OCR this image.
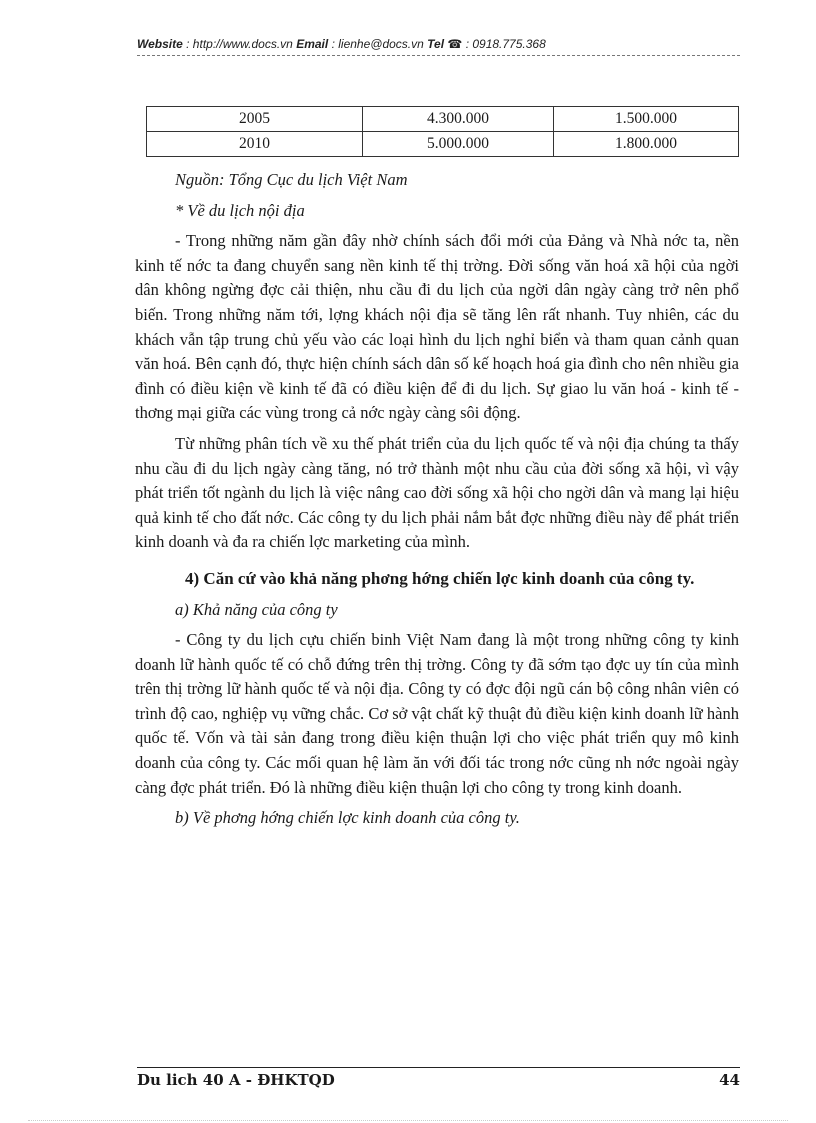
Website : http://www.docs.vn Email : lienhe@docs.vn Tel ☎ : 0918.775.368
2005	4.300.000	1.500.000
2010	5.000.000	1.800.000

Nguồn: Tổng Cục du lịch Việt Nam

* Về du lịch nội địa

- Trong những năm gần đây nhờ chính sách đổi mới của Đảng và Nhà nớc ta, nền kinh tế nớc ta đang chuyển sang nền kinh tế thị trờng. Đời sống văn hoá xã hội của ngời dân không ngừng đợc cải thiện, nhu cầu đi du lịch của ngời dân ngày càng trở nên phổ biến. Trong những năm tới, lợng khách nội địa sẽ tăng lên rất nhanh. Tuy nhiên, các du khách vẫn tập trung chủ yếu vào các loại hình du lịch nghỉ biển và tham quan cảnh quan văn hoá. Bên cạnh đó, thực hiện chính sách dân số kế hoạch hoá gia đình cho nên nhiều gia đình có điều kiện về kinh tế đã có điều kiện để đi du lịch. Sự giao lu văn hoá - kinh tế - thơng mại giữa các vùng trong cả nớc ngày càng sôi động.

Từ những phân tích về xu thế phát triển của du lịch quốc tế và nội địa chúng ta thấy nhu cầu đi du lịch ngày càng tăng, nó trở thành một nhu cầu của đời sống xã hội, vì vậy phát triển tốt ngành du lịch là việc nâng cao đời sống xã hội cho ngời dân và mang lại hiệu quả kinh tế cho đất nớc. Các công ty du lịch phải nắm bắt đợc những điều này để phát triển kinh doanh và đa ra chiến lợc marketing của mình.

4) Căn cứ vào khả năng phơng hớng chiến lợc kinh doanh của công ty.

a) Khả năng của công ty

- Công ty du lịch cựu chiến binh Việt Nam đang là một trong những công ty kinh doanh lữ hành quốc tế có chỗ đứng trên thị trờng. Công ty đã sớm tạo đợc uy tín của mình trên thị trờng lữ hành quốc tế và nội địa. Công ty có đợc đội ngũ cán bộ công nhân viên có trình độ cao, nghiệp vụ vững chắc. Cơ sở vật chất kỹ thuật đủ điều kiện kinh doanh lữ hành quốc tế. Vốn và tài sản đang trong điều kiện thuận lợi cho việc phát triển quy mô kinh doanh của công ty. Các mối quan hệ làm ăn với đối tác trong nớc cũng nh nớc ngoài ngày càng đợc phát triển. Đó là những điều kiện thuận lợi cho công ty trong kinh doanh.

b) Về phơng hớng chiến lợc kinh doanh của công ty.

Du lich 40 A - ĐHKTQD	44
